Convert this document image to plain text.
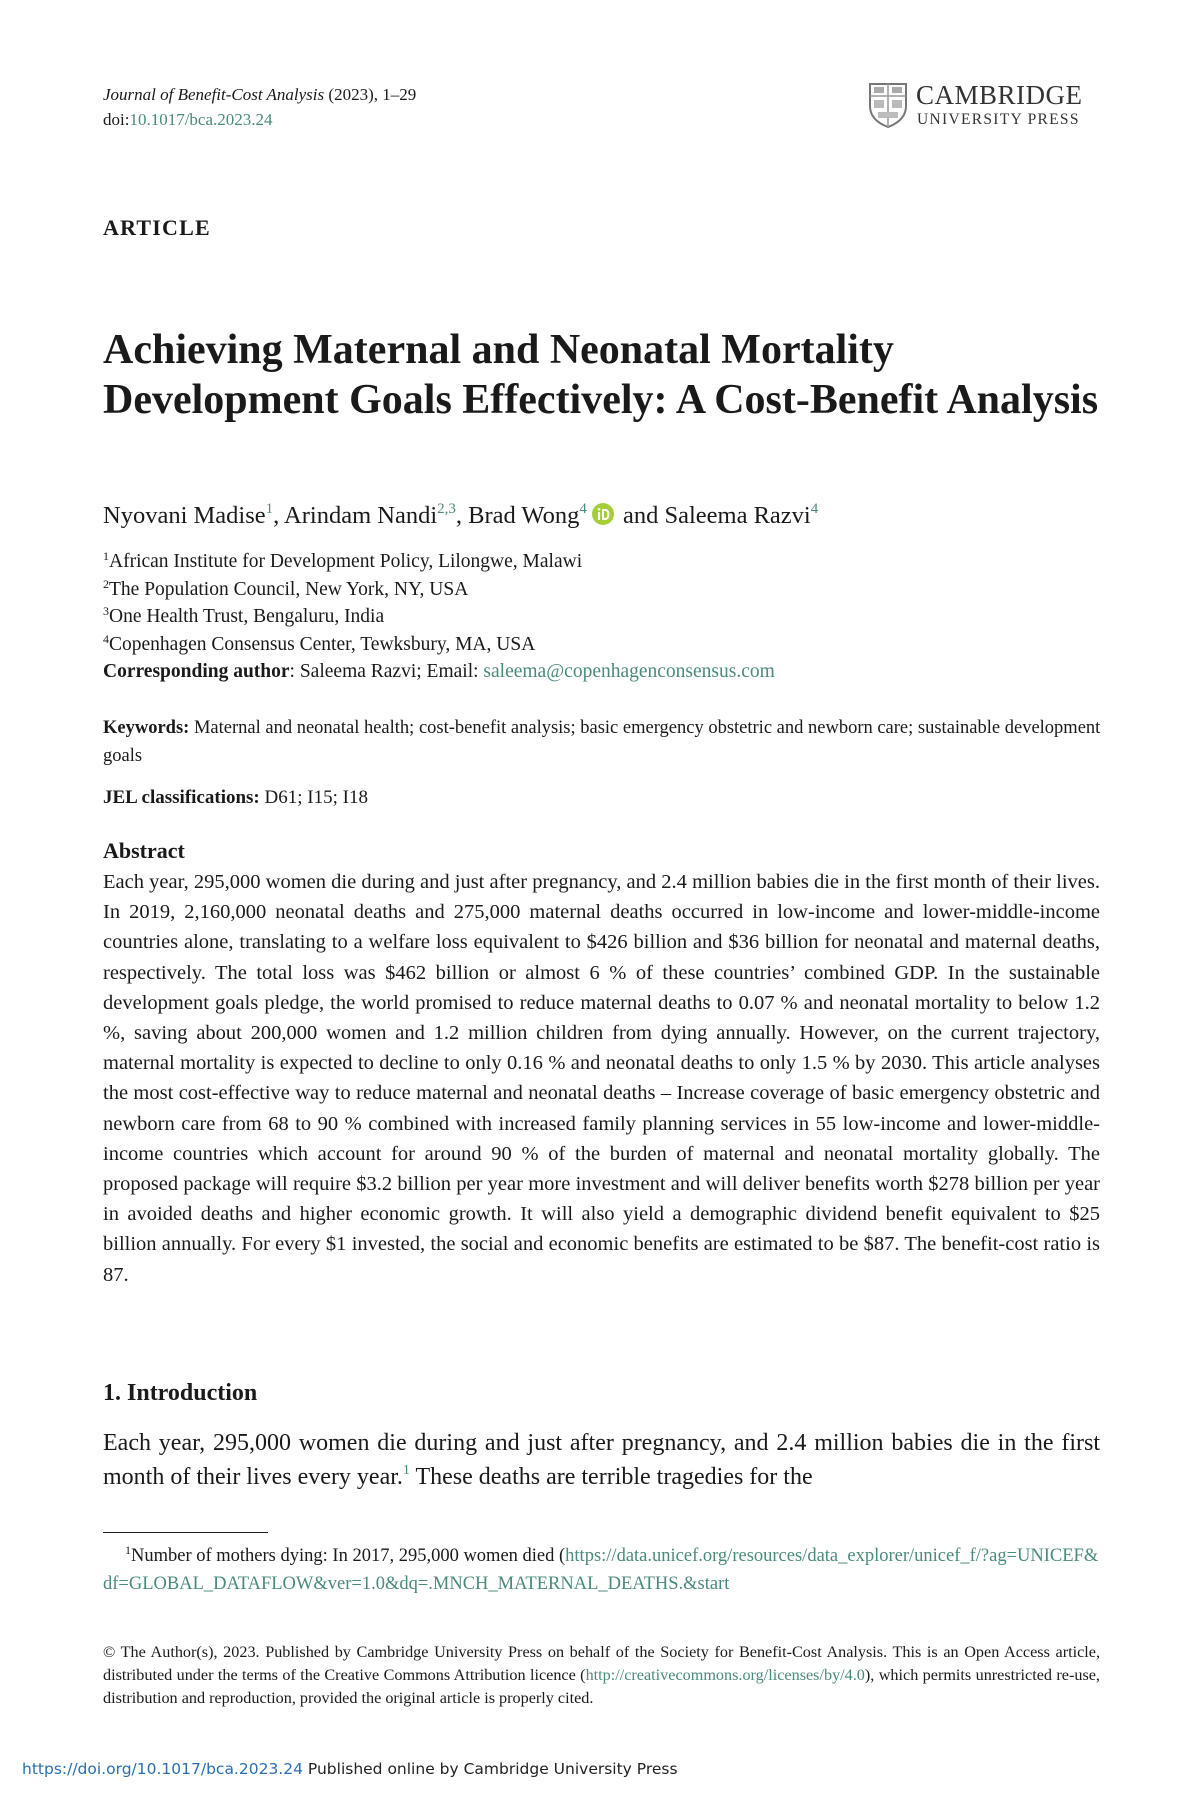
Journal of Benefit-Cost Analysis (2023), 1–29
doi:10.1017/bca.2023.24
CAMBRIDGE
UNIVERSITY PRESS
ARTICLE
Achieving Maternal and Neonatal Mortality Development Goals Effectively: A Cost-Benefit Analysis
Nyovani Madise$^1$, Arindam Nandi$^{2,3}$, Brad Wong$^4$ and Saleema Razvi$^4$
$^1$African Institute for Development Policy, Lilongwe, Malawi
$^2$The Population Council, New York, NY, USA
$^3$One Health Trust, Bengaluru, India
$^4$Copenhagen Consensus Center, Tewksbury, MA, USA
Corresponding author: Saleema Razvi; Email: saleema@copenhagenconsensus.com
Keywords: Maternal and neonatal health; cost-benefit analysis; basic emergency obstetric and newborn care; sustainable development goals
JEL classifications: D61; I15; I18
Abstract

Each year, 295,000 women die during and just after pregnancy, and 2.4 million babies die in the first month of their lives. In 2019, 2,160,000 neonatal deaths and 275,000 maternal deaths occurred in low-income and lower-middle-income countries alone, translating to a welfare loss equivalent to $426 billion and $36 billion for neonatal and maternal deaths, respectively. The total loss was $462 billion or almost 6 % of these countries’ combined GDP. In the sustainable development goals pledge, the world promised to reduce maternal deaths to 0.07 % and neonatal mortality to below 1.2 %, saving about 200,000 women and 1.2 million children from dying annually. However, on the current trajectory, maternal mortality is expected to decline to only 0.16 % and neonatal deaths to only 1.5 % by 2030. This article analyses the most cost-effective way to reduce maternal and neonatal deaths – Increase coverage of basic emergency obstetric and newborn care from 68 to 90 % combined with increased family planning services in 55 low-income and lower-middle-income countries which account for around 90 % of the burden of maternal and neonatal mortality globally. The proposed package will require $3.2 billion per year more investment and will deliver benefits worth $278 billion per year in avoided deaths and higher economic growth. It will also yield a demographic dividend benefit equivalent to $25 billion annually. For every $1 invested, the social and economic benefits are estimated to be $87. The benefit-cost ratio is 87.

1. Introduction

Each year, 295,000 women die during and just after pregnancy, and 2.4 million babies die in the first month of their lives every year.$^1$ These deaths are terrible tragedies for the

$^1$Number of mothers dying: In 2017, 295,000 women died (https://data.unicef.org/resources/data_explorer/unicef_f/?ag=UNICEF&df=GLOBAL_DATAFLOW&ver=1.0&dq=.MNCH_MATERNAL_DEATHS.&start
© The Author(s), 2023. Published by Cambridge University Press on behalf of the Society for Benefit-Cost Analysis. This is an Open Access article, distributed under the terms of the Creative Commons Attribution licence (http://creativecommons.org/licenses/by/4.0), which permits unrestricted re-use, distribution and reproduction, provided the original article is properly cited.
https://doi.org/10.1017/bca.2023.24 Published online by Cambridge University Press
